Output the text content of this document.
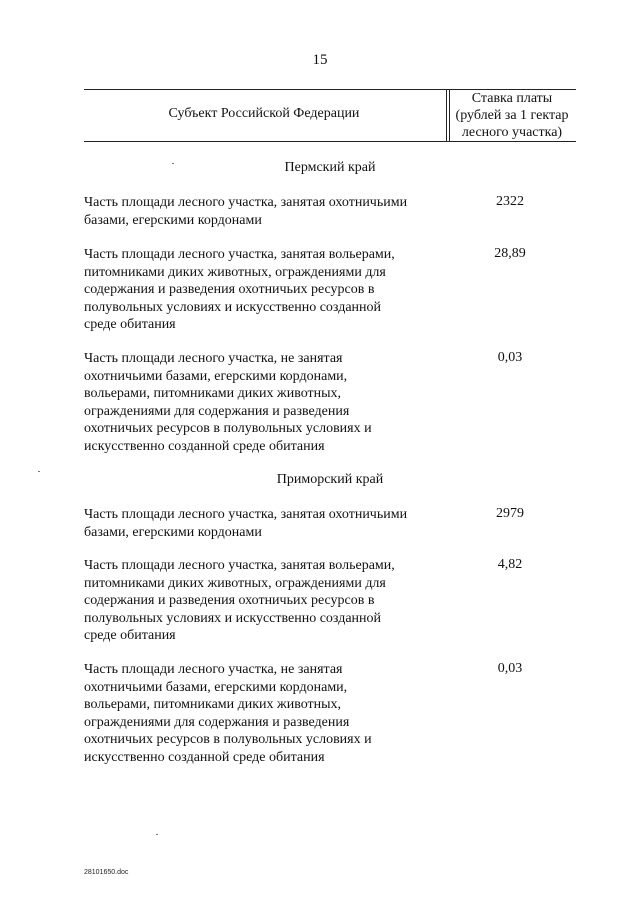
15
Субъект Российской Федерации
Ставка платы
(рублей за 1 гектар
лесного участка)
Пермский край
Часть площади лесного участка, занятая охотничьими
базами, егерскими кордонами
2322
Часть площади лесного участка, занятая вольерами,
питомниками диких животных, ограждениями для
содержания и разведения охотничьих ресурсов в
полувольных условиях и искусственно созданной
среде обитания
28,89
Часть площади лесного участка, не занятая
охотничьими базами, егерскими кордонами,
вольерами, питомниками диких животных,
ограждениями для содержания и разведения
охотничьих ресурсов в полувольных условиях и
искусственно созданной среде обитания
0,03
Приморский край
Часть площади лесного участка, занятая охотничьими
базами, егерскими кордонами
2979
Часть площади лесного участка, занятая вольерами,
питомниками диких животных, ограждениями для
содержания и разведения охотничьих ресурсов в
полувольных условиях и искусственно созданной
среде обитания
4,82
Часть площади лесного участка, не занятая
охотничьими базами, егерскими кордонами,
вольерами, питомниками диких животных,
ограждениями для содержания и разведения
охотничьих ресурсов в полувольных условиях и
искусственно созданной среде обитания
0,03
28101650.doc
